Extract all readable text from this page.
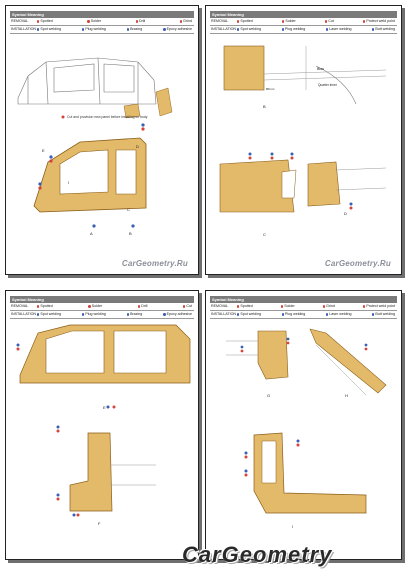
Symbol Meaning
REMOVAL	Spotted	Solder	Drill	Grind
INSTALLATION Spot welding	Plug welding	Brazing	Epoxy adhesive
Cut and provision new panel before installing on body
A	B
C
D
E
I
CarGeometry.Ru
Symbol Meaning
REMOVAL	Spotted	Solder	Cut	Protect weld point
INSTALLATION Spot welding	Plug welding	Laser welding	Butt welding
B
Bias
Quarter inner
80mm
C
D
CarGeometry.Ru
Symbol Meaning
REMOVAL	Spotted	Solder	Drill	Cut
INSTALLATION Spot welding	Plug welding	Brazing	Epoxy adhesive
E
F
Symbol Meaning
REMOVAL	Spotted	Solder	Grind	Protect weld point
INSTALLATION Spot welding	Plug welding	Laser welding	Butt welding
G	H
I
CarGeometry
